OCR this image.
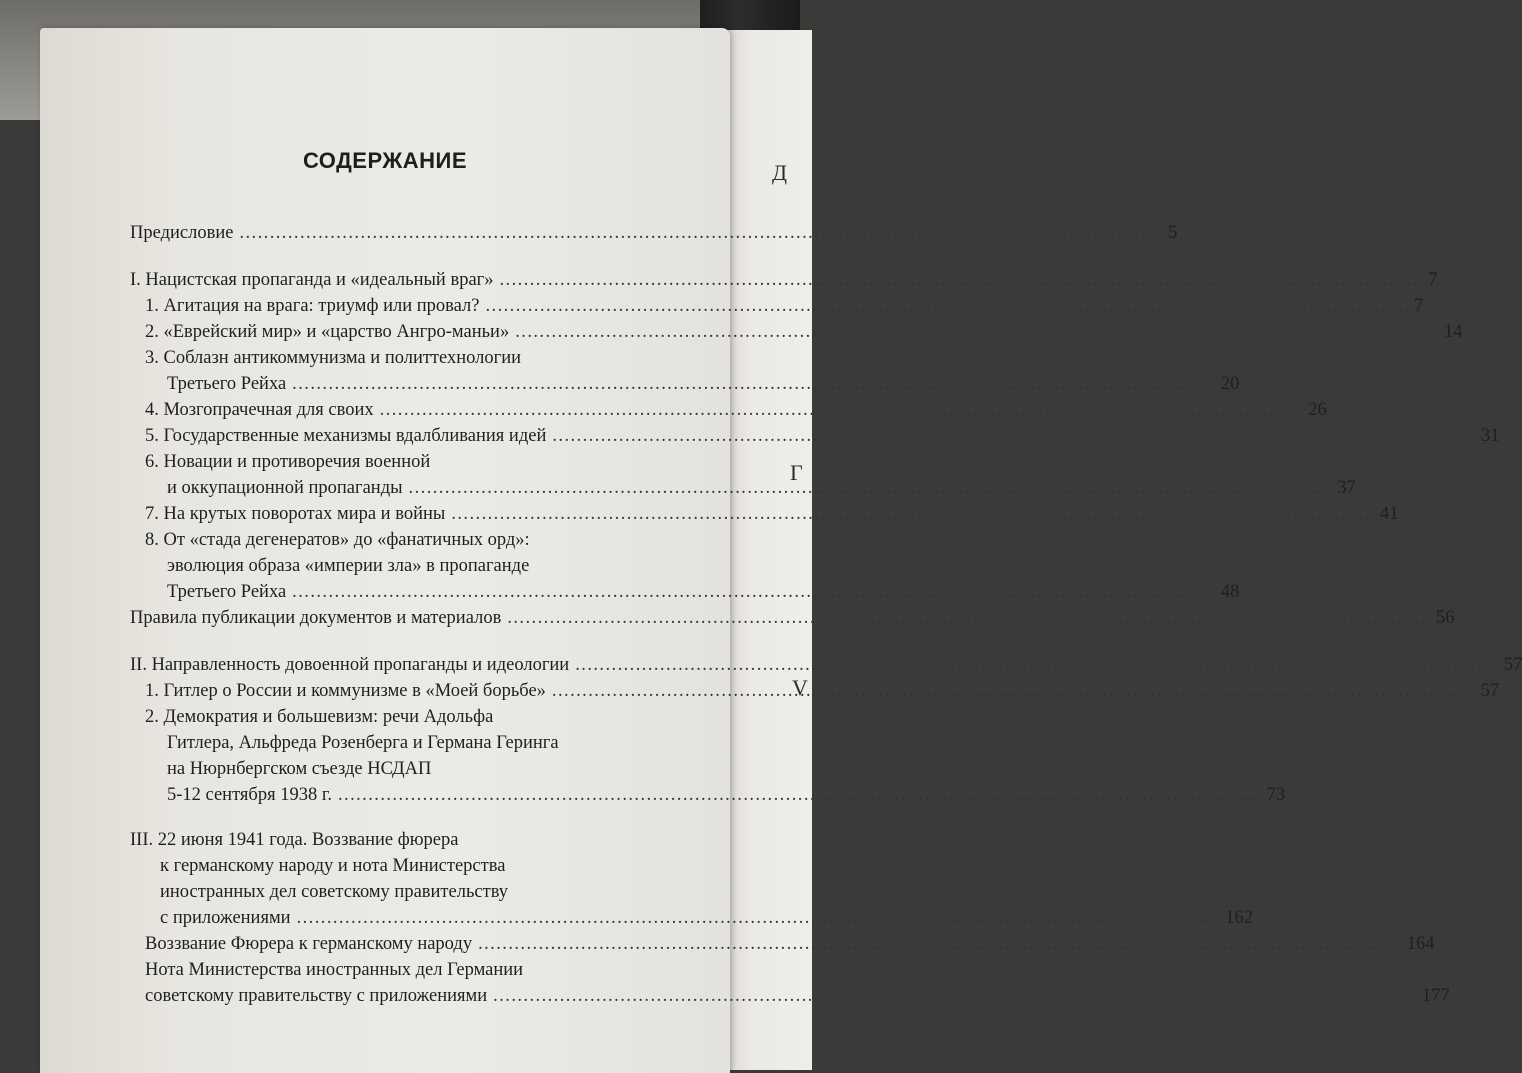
Д
Г
V
СОДЕРЖАНИЕ
Предисловие . . .	5
I. Нацистская пропаганда и «идеальный враг» . . .	7
1. Агитация на врага: триумф или провал? . . .	7
2. «Еврейский мир» и «царство Ангро-маньи» . . .	14
3. Соблазн антикоммунизма и политтехнологии
Третьего Рейха . . .	20
4. Мозгопрачечная для своих . . .	26
5. Государственные механизмы вдалбливания идей . . .	31
6. Новации и противоречия военной
и оккупационной пропаганды . . .	37
7. На крутых поворотах мира и войны . . .	41
8. От «стада дегенератов» до «фанатичных орд»:
эволюция образа «империи зла» в пропаганде
Третьего Рейха . . .	48
Правила публикации документов и материалов . . .	56
II. Направленность довоенной пропаганды и идеологии . . .	57
1. Гитлер о России и коммунизме в «Моей борьбе» . . .	57
2. Демократия и большевизм: речи Адольфа
Гитлера, Альфреда Розенберга и Германа Геринга
на Нюрнбергском съезде НСДАП
5-12 сентября 1938 г. . . .	73
III. 22 июня 1941 года. Воззвание фюрера
к германскому народу и нота Министерства
иностранных дел советскому правительству
с приложениями . . .	162
Воззвание Фюрера к германскому народу . . .	164
Нота Министерства иностранных дел Германии
советскому правительству с приложениями . . .	177
